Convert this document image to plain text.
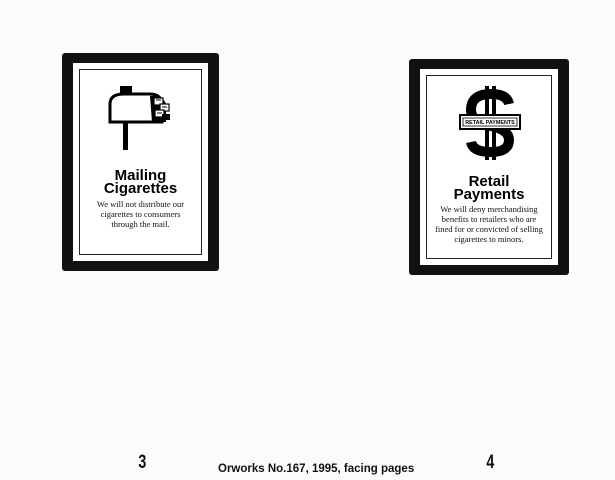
Mailing
Cigarettes
We will not distribute our
cigarettes to consumers
through the mail.
RETAIL PAYMENTS
Retail
Payments
We will deny merchandising
benefits to retailers who are
fined for or convicted of selling
cigarettes to minors.
3	4
Orworks No.167, 1995, facing pages
